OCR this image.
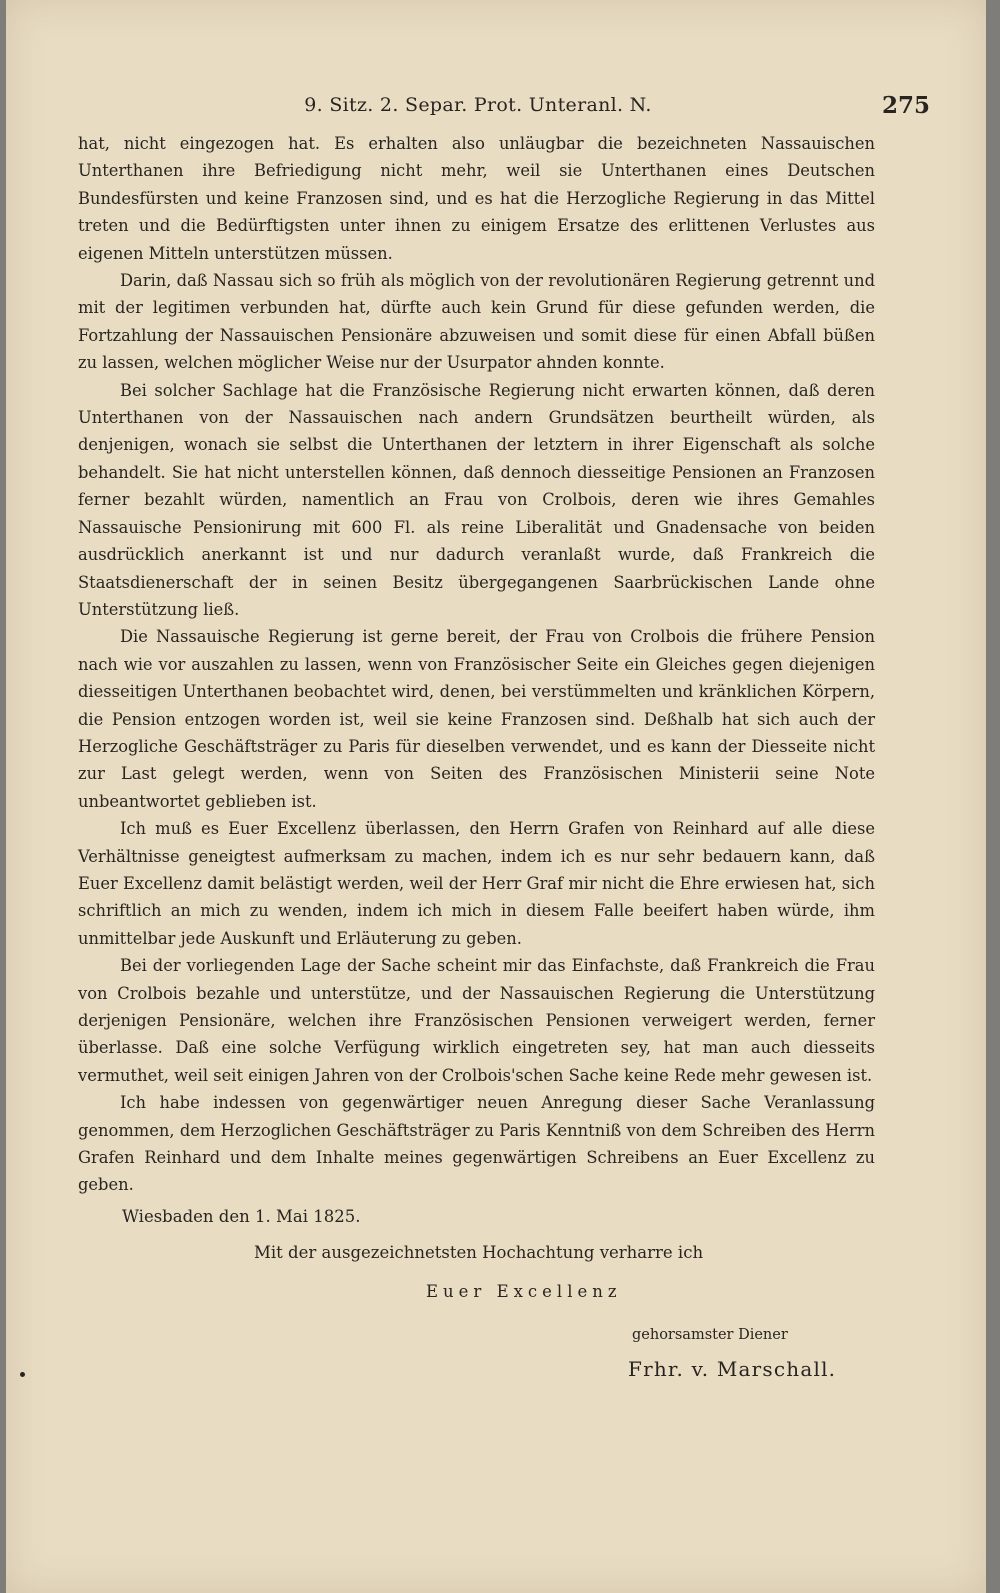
9. Sitz. 2. Separ. Prot. Unteranl. N.	275

hat, nicht eingezogen hat. Es erhalten also unläugbar die bezeichneten Nassauischen Unterthanen ihre Befriedigung nicht mehr, weil sie Unterthanen eines Deutschen Bundesfürsten und keine Franzosen sind, und es hat die Herzogliche Regierung in das Mittel treten und die Bedürftigsten unter ihnen zu einigem Ersatze des erlittenen Verlustes aus eigenen Mitteln unterstützen müssen.

Darin, daß Nassau sich so früh als möglich von der revolutionären Regierung getrennt und mit der legitimen verbunden hat, dürfte auch kein Grund für diese gefunden werden, die Fortzahlung der Nassauischen Pensionäre abzuweisen und somit diese für einen Abfall büßen zu lassen, welchen möglicher Weise nur der Usurpator ahnden konnte.

Bei solcher Sachlage hat die Französische Regierung nicht erwarten können, daß deren Unterthanen von der Nassauischen nach andern Grundsätzen beurtheilt würden, als denjenigen, wonach sie selbst die Unterthanen der letztern in ihrer Eigenschaft als solche behandelt. Sie hat nicht unterstellen können, daß dennoch diesseitige Pensionen an Franzosen ferner bezahlt würden, namentlich an Frau von Crolbois, deren wie ihres Gemahles Nassauische Pensionirung mit 600 Fl. als reine Liberalität und Gnadensache von beiden ausdrücklich anerkannt ist und nur dadurch veranlaßt wurde, daß Frankreich die Staatsdienerschaft der in seinen Besitz übergegangenen Saarbrückischen Lande ohne Unterstützung ließ.

Die Nassauische Regierung ist gerne bereit, der Frau von Crolbois die frühere Pension nach wie vor auszahlen zu lassen, wenn von Französischer Seite ein Gleiches gegen diejenigen diesseitigen Unterthanen beobachtet wird, denen, bei verstümmelten und kränklichen Körpern, die Pension entzogen worden ist, weil sie keine Franzosen sind. Deßhalb hat sich auch der Herzogliche Geschäftsträger zu Paris für dieselben verwendet, und es kann der Diesseite nicht zur Last gelegt werden, wenn von Seiten des Französischen Ministerii seine Note unbeantwortet geblieben ist.

Ich muß es Euer Excellenz überlassen, den Herrn Grafen von Reinhard auf alle diese Verhältnisse geneigtest aufmerksam zu machen, indem ich es nur sehr bedauern kann, daß Euer Excellenz damit belästigt werden, weil der Herr Graf mir nicht die Ehre erwiesen hat, sich schriftlich an mich zu wenden, indem ich mich in diesem Falle beeifert haben würde, ihm unmittelbar jede Auskunft und Erläuterung zu geben.

Bei der vorliegenden Lage der Sache scheint mir das Einfachste, daß Frankreich die Frau von Crolbois bezahle und unterstütze, und der Nassauischen Regierung die Unterstützung derjenigen Pensionäre, welchen ihre Französischen Pensionen verweigert werden, ferner überlasse. Daß eine solche Verfügung wirklich eingetreten sey, hat man auch diesseits vermuthet, weil seit einigen Jahren von der Crolbois'schen Sache keine Rede mehr gewesen ist.

Ich habe indessen von gegenwärtiger neuen Anregung dieser Sache Veranlassung genommen, dem Herzoglichen Geschäftsträger zu Paris Kenntniß von dem Schreiben des Herrn Grafen Reinhard und dem Inhalte meines gegenwärtigen Schreibens an Euer Excellenz zu geben.

Wiesbaden den 1. Mai 1825.
Mit der ausgezeichnetsten Hochachtung verharre ich
Euer Excellenz
gehorsamster Diener
Frhr. v. Marschall.
